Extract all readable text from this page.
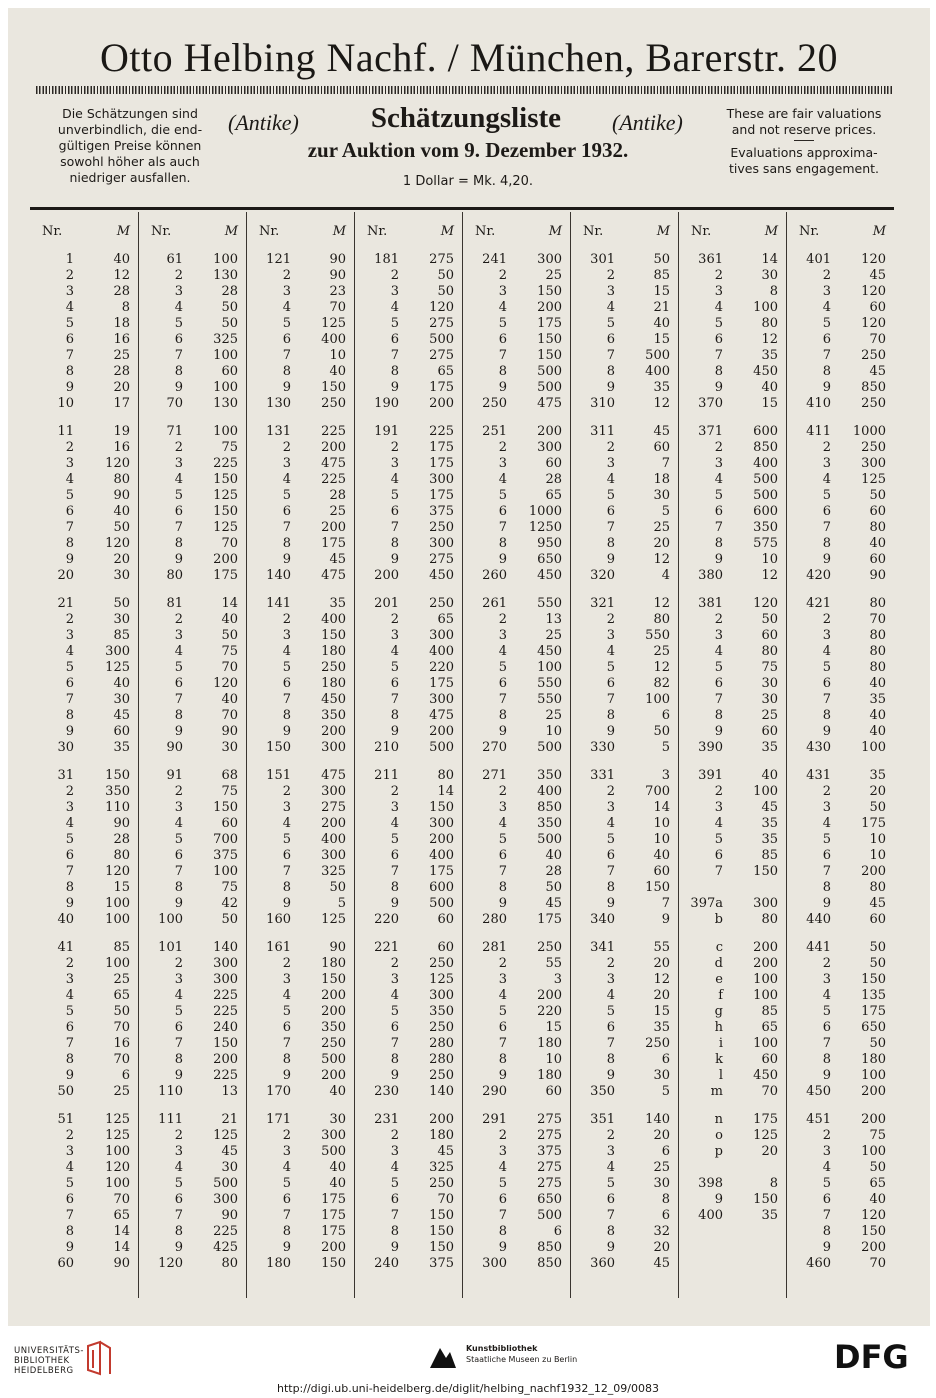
Otto Helbing Nachf. / München, Barerstr. 20
Die Schätzungen sind
unverbindlich, die end-
gültigen Preise können
sowohl höher als auch
niedriger ausfallen.
(Antike)	Schätzungsliste	(Antike)
zur Auktion vom 9. Dezember 1932.
1 Dollar = Mk. 4,20.
These are fair valuations
and not reserve prices.
Evaluations approxima-
tives sans engagement.
Nr.	M
1	40
2	12
3	28
4	8
5	18
6	16
7	25
8	28
9	20
10	17
11	19
2	16
3	120
4	80
5	90
6	40
7	50
8	120
9	20
20	30
21	50
2	30
3	85
4	300
5	125
6	40
7	30
8	45
9	60
30	35
31	150
2	350
3	110
4	90
5	28
6	80
7	120
8	15
9	100
40	100
41	85
2	100
3	25
4	65
5	50
6	70
7	16
8	70
9	6
50	25
51	125
2	125
3	100
4	120
5	100
6	70
7	65
8	14
9	14
60	90
Nr.	M
61	100
2	130
3	28
4	50
5	50
6	325
7	100
8	60
9	100
70	130
71	100
2	75
3	225
4	150
5	125
6	150
7	125
8	70
9	200
80	175
81	14
2	40
3	50
4	75
5	70
6	120
7	40
8	70
9	90
90	30
91	68
2	75
3	150
4	60
5	700
6	375
7	100
8	75
9	42
100	50
101	140
2	300
3	300
4	225
5	225
6	240
7	150
8	200
9	225
110	13
111	21
2	125
3	45
4	30
5	500
6	300
7	90
8	225
9	425
120	80
Nr.	M
121	90
2	90
3	23
4	70
5	125
6	400
7	10
8	40
9	150
130	250
131	225
2	200
3	475
4	225
5	28
6	25
7	200
8	175
9	45
140	475
141	35
2	400
3	150
4	180
5	250
6	180
7	450
8	350
9	200
150	300
151	475
2	300
3	275
4	200
5	400
6	300
7	325
8	50
9	5
160	125
161	90
2	180
3	150
4	200
5	200
6	350
7	250
8	500
9	200
170	40
171	30
2	300
3	500
4	40
5	40
6	175
7	175
8	175
9	200
180	150
Nr.	M
181	275
2	50
3	50
4	120
5	275
6	500
7	275
8	65
9	175
190	200
191	225
2	175
3	175
4	300
5	175
6	375
7	250
8	300
9	275
200	450
201	250
2	65
3	300
4	400
5	220
6	175
7	300
8	475
9	200
210	500
211	80
2	14
3	150
4	300
5	200
6	400
7	175
8	600
9	500
220	60
221	60
2	250
3	125
4	300
5	350
6	250
7	280
8	280
9	250
230	140
231	200
2	180
3	45
4	325
5	250
6	70
7	150
8	150
9	150
240	375
Nr.	M
241	300
2	25
3	150
4	200
5	175
6	150
7	150
8	500
9	500
250	475
251	200
2	300
3	60
4	28
5	65
6	1000
7	1250
8	950
9	650
260	450
261	550
2	13
3	25
4	450
5	100
6	550
7	550
8	25
9	10
270	500
271	350
2	400
3	850
4	350
5	500
6	40
7	28
8	50
9	45
280	175
281	250
2	55
3	3
4	200
5	220
6	15
7	180
8	10
9	180
290	60
291	275
2	275
3	375
4	275
5	275
6	650
7	500
8	6
9	850
300	850
Nr.	M
301	50
2	85
3	15
4	21
5	40
6	15
7	500
8	400
9	35
310	12
311	45
2	60
3	7
4	18
5	30
6	5
7	25
8	20
9	12
320	4
321	12
2	80
3	550
4	25
5	12
6	82
7	100
8	6
9	50
330	5
331	3
2	700
3	14
4	10
5	10
6	40
7	60
8	150
9	7
340	9
341	55
2	20
3	12
4	20
5	15
6	35
7	250
8	6
9	30
350	5
351	140
2	20
3	6
4	25
5	30
6	8
7	6
8	32
9	20
360	45
Nr.	M
361	14
2	30
3	8
4	100
5	80
6	12
7	35
8	450
9	40
370	15
371	600
2	850
3	400
4	500
5	500
6	600
7	350
8	575
9	10
380	12
381	120
2	50
3	60
4	80
5	75
6	30
7	30
8	25
9	60
390	35
391	40
2	100
3	45
4	35
5	35
6	85
7	150
397a	300
b	80
c	200
d	200
e	100
f	100
g	85
h	65
i	100
k	60
l	450
m	70
n	175
o	125
p	20
398	8
9	150
400	35
Nr.	M
401	120
2	45
3	120
4	60
5	120
6	70
7	250
8	45
9	850
410	250
411	1000
2	250
3	300
4	125
5	50
6	60
7	80
8	40
9	60
420	90
421	80
2	70
3	80
4	80
5	80
6	40
7	35
8	40
9	40
430	100
431	35
2	20
3	50
4	175
5	10
6	10
7	200
8	80
9	45
440	60
441	50
2	50
3	150
4	135
5	175
6	650
7	50
8	180
9	100
450	200
451	200
2	75
3	100
4	50
5	65
6	40
7	120
8	150
9	200
460	70
UNIVERSITÄTS-
BIBLIOTHEK
HEIDELBERG
Kunstbibliothek
Staatliche Museen zu Berlin	DFG
http://digi.ub.uni-heidelberg.de/diglit/helbing_nachf1932_12_09/0083
